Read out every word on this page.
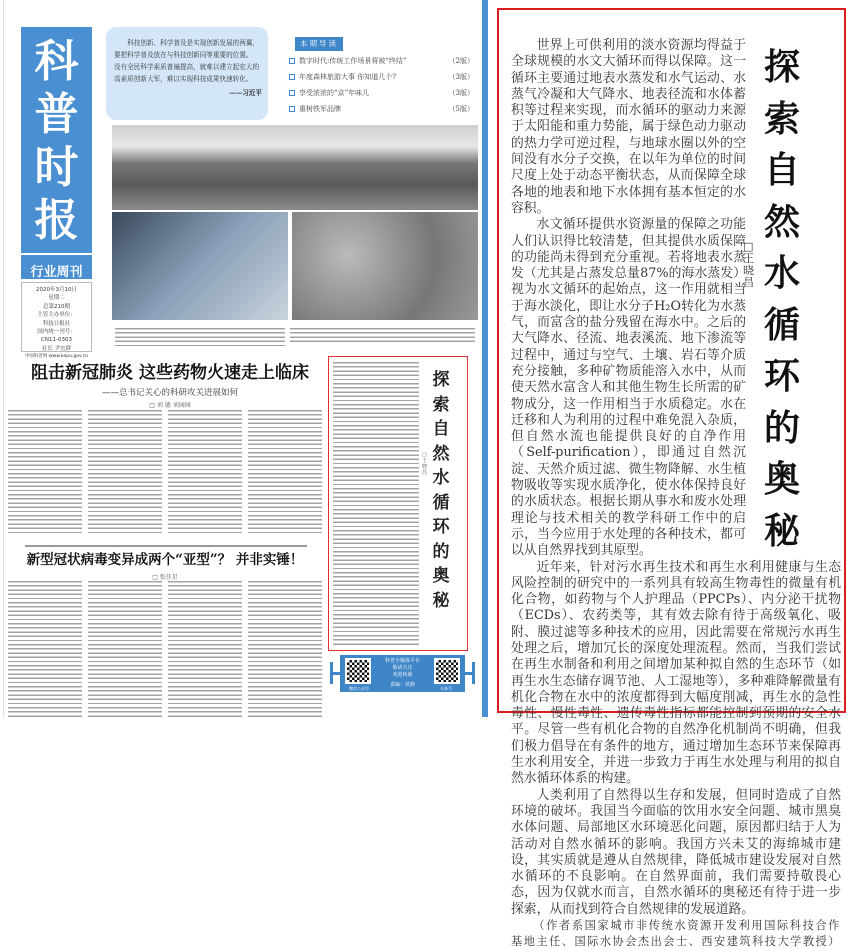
科
普
时
报
行业周刊
2020年3月10日
星期二
总第210期
主管主办单位：
科技日报社
国内统一刊号：
CN11-0303
社长 尹宏群
中国科普网:www.kepu.gov.cn
科技创新、科学普及是实现创新发展的两翼，
要把科学普及放在与科技创新同等重要的位置。
没有全民科学素质普遍提高，就难以建立起宏大的
高素质创新大军，难以实现科技成果快速转化。
——习近平
本期导读
数字时代:传统工作场景将被“终结”	（2版）
年度森林旅游大事 你知道几个?	（3版）
享受浓浓的“京”年味儿	（3版）
重树铁军品牌	（5版）
阻击新冠肺炎 这些药物火速走上临床
——总书记关心的科研攻关进展如何
□ 刘 德 刘园园
新型冠状病毒变异成两个“亚型”？ 并非实锤！
□ 张佳星
探
索
自
然
水
循
环
的
奥
秘
□ 王晓昌
科普全媒体平台
敬请关注
欢迎转载
责编：侯静
微信公众号	头条号
□
王晓昌
探
索
自
然
水
循
环
的
奥
秘

世界上可供利用的淡水资源均得益于全球规模的水文大循环而得以保障。这一循环主要通过地表水蒸发和水气运动、水蒸气冷凝和大气降水、地表径流和水体蓄积等过程来实现，而水循环的驱动力来源于太阳能和重力势能，属于绿色动力驱动的热力学可逆过程，与地球水圈以外的空间没有水分子交换，在以年为单位的时间尺度上处于动态平衡状态，从而保障全球各地的地表和地下水体拥有基本恒定的水容积。

水文循环提供水资源量的保障之功能人们认识得比较清楚，但其提供水质保障的功能尚未得到充分重视。若将地表水蒸发（尤其是占蒸发总量87%的海水蒸发）视为水文循环的起始点，这一作用就相当于海水淡化，即让水分子H₂O转化为水蒸气，而富含的盐分残留在海水中。之后的大气降水、径流、地表溪流、地下渗流等过程中，通过与空气、土壤、岩石等介质充分接触，多种矿物质能溶入水中，从而使天然水富含人和其他生物生长所需的矿物成分，这一作用相当于水质稳定。水在迁移和人为利用的过程中难免混入杂质，但自然水流也能提供良好的自净作用（Self-purification），即通过自然沉淀、天然介质过滤、微生物降解、水生植物吸收等实现水质净化，使水体保持良好的水质状态。根据长期从事水和废水处理理论与技术相关的教学科研工作中的启示，当今应用于水处理的各种技术，都可以从自然界找到其原型。

近年来，针对污水再生技术和再生水利用健康与生态风险控制的研究中的一系列具有较高生物毒性的微量有机化合物，如药物与个人护理品（PPCPs）、内分泌干扰物（ECDs）、农药类等，其有效去除有待于高级氧化、吸附、膜过滤等多种技术的应用，因此需要在常规污水再生处理之后，增加冗长的深度处理流程。然而，当我们尝试在再生水制备和利用之间增加某种拟自然的生态环节（如再生水生态储存调节池、人工湿地等），多种难降解微量有机化合物在水中的浓度都得到大幅度削减，再生水的急性毒性、慢性毒性、遗传毒性指标都能控制到预期的安全水平。尽管一些有机化合物的自然净化机制尚不明确，但我们极力倡导在有条件的地方，通过增加生态环节来保障再生水利用安全，并进一步致力于再生水处理与利用的拟自然水循环体系的构建。

人类利用了自然得以生存和发展，但同时造成了自然环境的破坏。我国当今面临的饮用水安全问题、城市黑臭水体问题、局部地区水环境恶化问题，原因都归结于人为活动对自然水循环的影响。我国方兴未艾的海绵城市建设，其实质就是遵从自然规律，降低城市建设发展对自然水循环的不良影响。在自然界面前，我们需要持敬畏心态，因为仅就水而言，自然水循环的奥秘还有待于进一步探索，从而找到符合自然规律的发展道路。

（作者系国家城市非传统水资源开发利用国际科技合作基地主任、国际水协会杰出会士、西安建筑科技大学教授）
